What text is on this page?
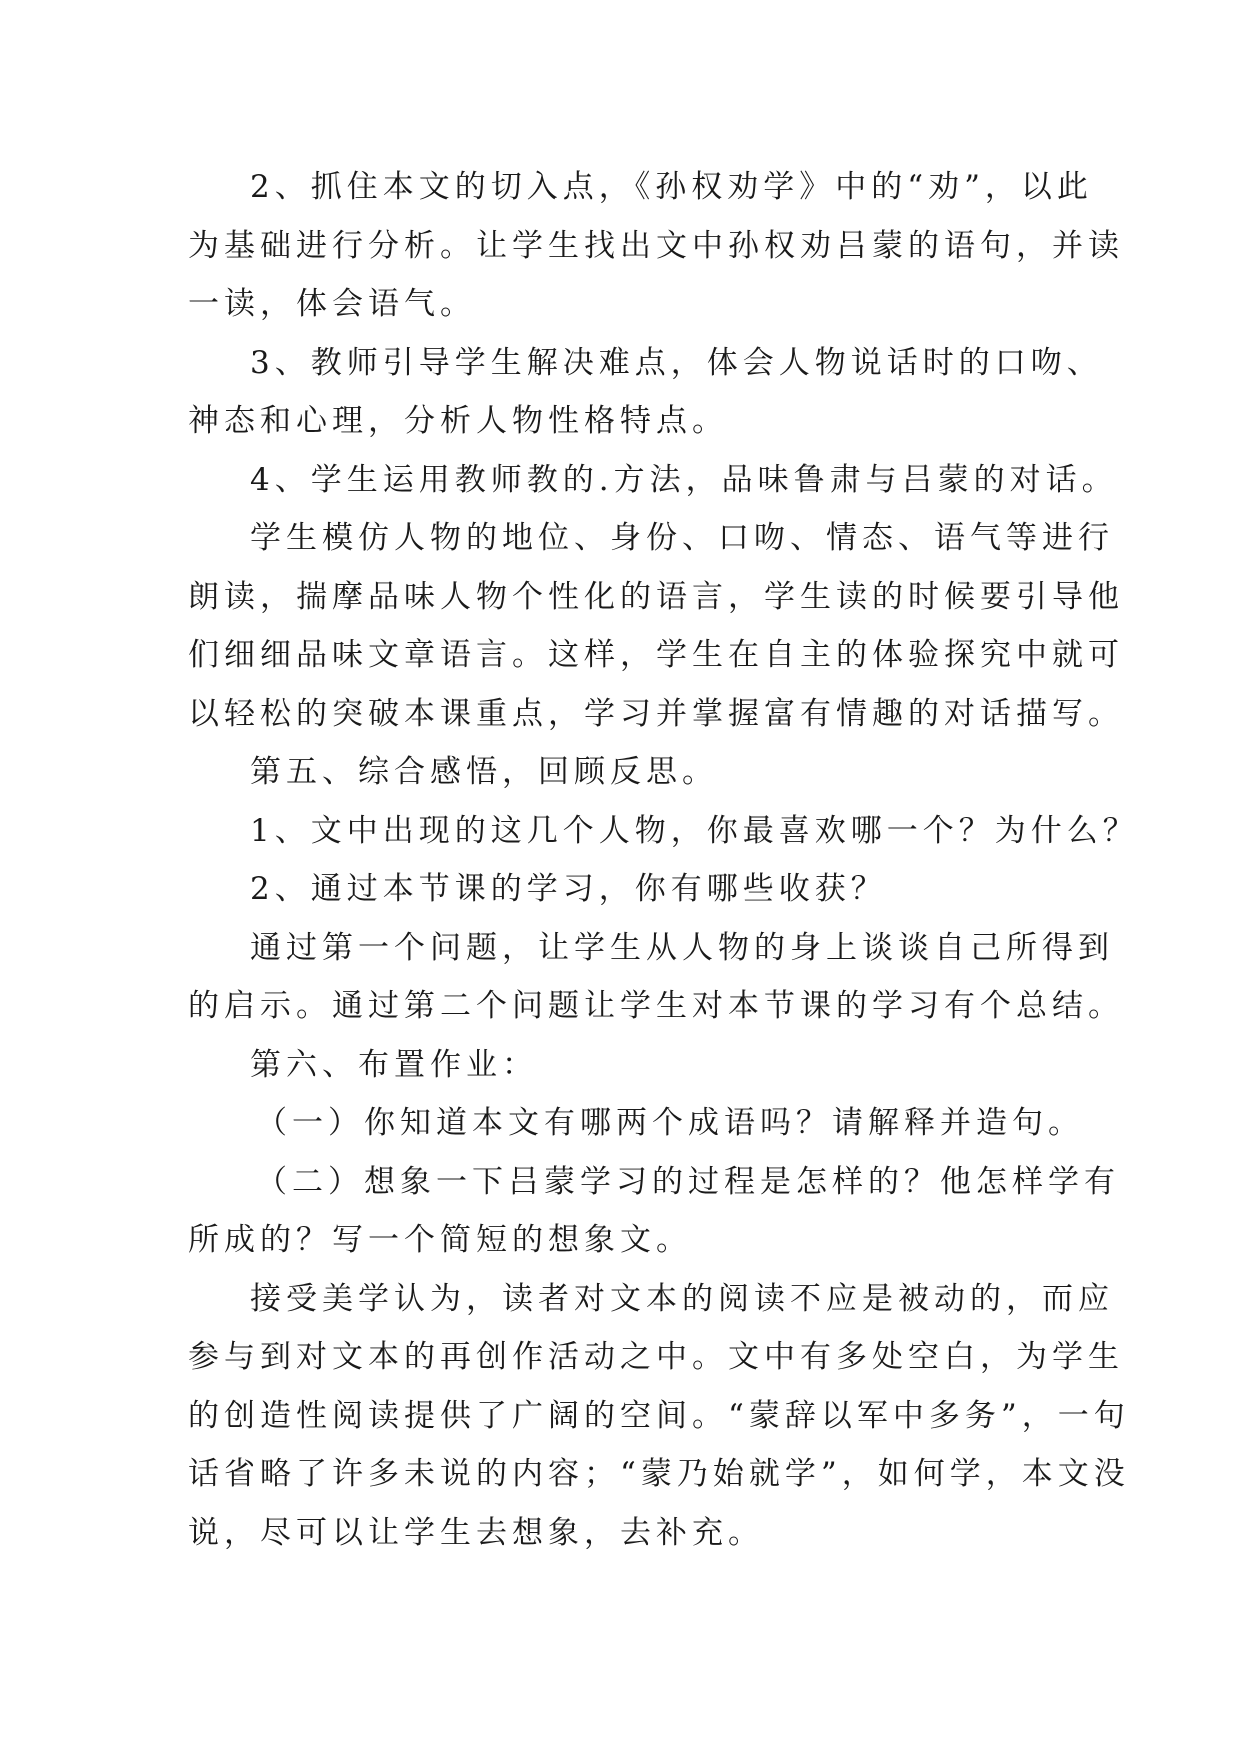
2、抓住本文的切入点，《孙权劝学》中的“劝”，以此
为基础进行分析。让学生找出文中孙权劝吕蒙的语句，并读
一读，体会语气。
3、教师引导学生解决难点，体会人物说话时的口吻、
神态和心理，分析人物性格特点。
4、学生运用教师教的.方法，品味鲁肃与吕蒙的对话。
学生模仿人物的地位、身份、口吻、情态、语气等进行
朗读，揣摩品味人物个性化的语言，学生读的时候要引导他
们细细品味文章语言。这样，学生在自主的体验探究中就可
以轻松的突破本课重点，学习并掌握富有情趣的对话描写。
第五、综合感悟，回顾反思。
1、文中出现的这几个人物，你最喜欢哪一个？为什么？
2、通过本节课的学习，你有哪些收获？
通过第一个问题，让学生从人物的身上谈谈自己所得到
的启示。通过第二个问题让学生对本节课的学习有个总结。
第六、布置作业：
（一）你知道本文有哪两个成语吗？请解释并造句。
（二）想象一下吕蒙学习的过程是怎样的？他怎样学有
所成的？写一个简短的想象文。
接受美学认为，读者对文本的阅读不应是被动的，而应
参与到对文本的再创作活动之中。文中有多处空白，为学生
的创造性阅读提供了广阔的空间。“蒙辞以军中多务”，一句
话省略了许多未说的内容；“蒙乃始就学”，如何学，本文没
说，尽可以让学生去想象，去补充。
